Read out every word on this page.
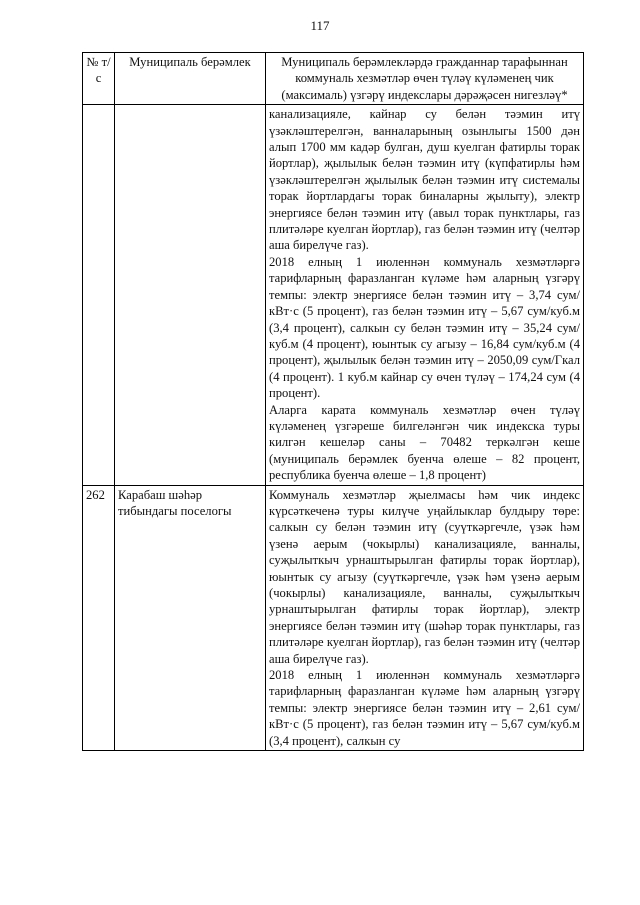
117
№ т/с	Муниципаль берәмлек	Муниципаль берәмлекләрдә гражданнар тарафыннан коммуналь хезмәтләр өчен түләү күләменең чик (максималь) үзгәрү индекслары дәрәҗәсен нигезләү*

		канализацияле, кайнар су белән тәэмин итү үзәкләштерелгән, ванналарының озынлыгы 1500 дән алып 1700 мм кадәр булган, душ куелган фатирлы торак йортлар), җылылык белән тәэмин итү (күпфатирлы һәм үзәкләштерелгән җылылык белән тәэмин итү системалы торак йортлардагы торак биналарны җылыту), электр энергиясе белән тәэмин итү (авыл торак пунктлары, газ плитәләре куелган йортлар), газ белән тәэмин итү (челтәр аша бирелүче газ).
2018 елның 1 июленнән коммуналь хезмәтләргә тарифларның фаразланган күләме һәм аларның үзгәрү темпы: электр энергиясе белән тәэмин итү – 3,74 сум/кВт·с (5 процент), газ белән тәэмин итү – 5,67 сум/куб.м (3,4 процент), салкын су белән тәэмин итү – 35,24 сум/куб.м (4 процент), юынтык су агызу – 16,84 сум/куб.м (4 процент), җылылык белән тәэмин итү – 2050,09 сум/Гкал (4 процент). 1 куб.м кайнар су өчен түләү – 174,24 сум (4 процент).
Аларга карата коммуналь хезмәтләр өчен түләү күләменең үзгәреше билгеләнгән чик индекска туры килгән кешеләр саны – 70482 теркәлгән кеше (муниципаль берәмлек буенча өлеше – 82 процент, республика буенча өлеше – 1,8 процент)

262	Карабаш шәһәр тибындагы поселогы	Коммуналь хезмәтләр җыелмасы һәм чик индекс күрсәткеченә туры килүче уңайлыклар булдыру төре: салкын су белән тәэмин итү (суүткәргечле, үзәк һәм үзенә аерым (чокырлы) канализацияле, ванналы, суҗылыткыч урнаштырылган фатирлы торак йортлар), юынтык су агызу (суүткәргечле, үзәк һәм үзенә аерым (чокырлы) канализацияле, ванналы, суҗылыткыч урнаштырылган фатирлы торак йортлар), электр энергиясе белән тәэмин итү (шәһәр торак пунктлары, газ плитәләре куелган йортлар), газ белән тәэмин итү (челтәр аша бирелүче газ).
2018 елның 1 июленнән коммуналь хезмәтләргә тарифларның фаразланган күләме һәм аларның үзгәрү темпы: электр энергиясе белән тәэмин итү – 2,61 сум/кВт·с (5 процент), газ белән тәэмин итү – 5,67 сум/куб.м (3,4 процент), салкын су
